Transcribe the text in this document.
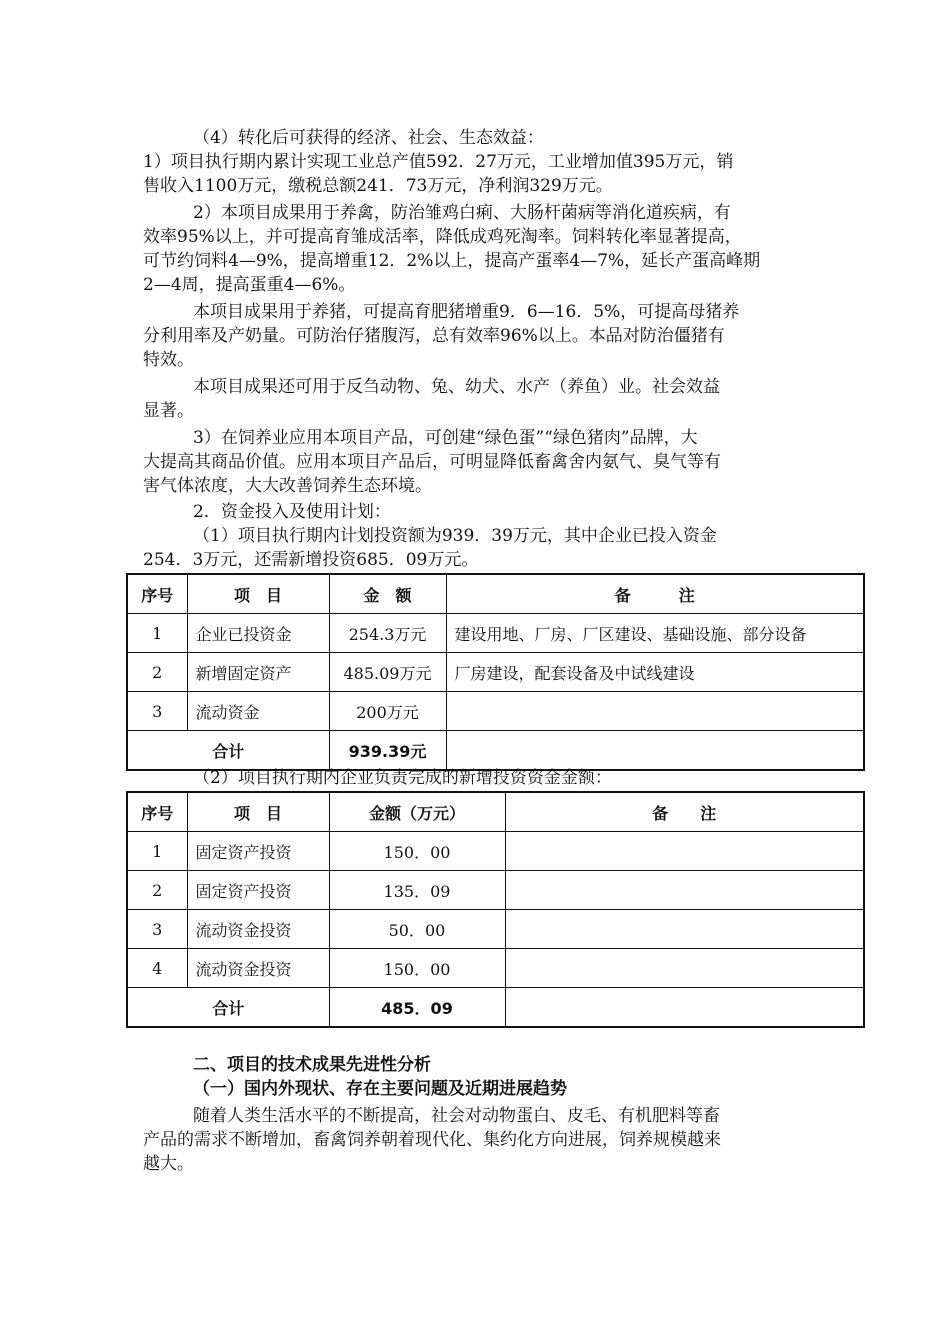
（4）转化后可获得的经济、社会、生态效益：
1）项目执行期内累计实现工业总产值592．27万元，工业增加值395万元，销
售收入1100万元，缴税总额241．73万元，净利润329万元。
2）本项目成果用于养禽，防治雏鸡白痢、大肠杆菌病等消化道疾病，有
效率95%以上，并可提高育雏成活率，降低成鸡死淘率。饲料转化率显著提高，
可节约饲料4—9%，提高增重12．2%以上，提高产蛋率4—7%，延长产蛋高峰期
2—4周，提高蛋重4—6%。
本项目成果用于养猪，可提高育肥猪增重9．6—16．5%，可提高母猪养
分利用率及产奶量。可防治仔猪腹泻，总有效率96%以上。本品对防治僵猪有
特效。
本项目成果还可用于反刍动物、兔、幼犬、水产（养鱼）业。社会效益
显著。
3）在饲养业应用本项目产品，可创建“绿色蛋”“绿色猪肉”品牌，大
大提高其商品价值。应用本项目产品后，可明显降低畜禽舍内氨气、臭气等有
害气体浓度，大大改善饲养生态环境。
2．资金投入及使用计划：
（1）项目执行期内计划投资额为939．39万元，其中企业已投入资金
254．3万元，还需新增投资685．09万元。
序号	项　目	金　额	备　　　注
1	企业已投资金	254.3万元	建设用地、厂房、厂区建设、基础设施、部分设备
2	新增固定资产	485.09万元	厂房建设，配套设备及中试线建设
3	流动资金	200万元	
合计		939.39元	
（2）项目执行期内企业负责完成的新增投资资金金额：
序号	项　目	金额（万元）	备　　注
1	固定资产投资	150．00	
2	固定资产投资	135．09	
3	流动资金投资	50．00	
4	流动资金投资	150．00	
合计		485．09	
二、项目的技术成果先进性分析
（一）国内外现状、存在主要问题及近期进展趋势
随着人类生活水平的不断提高，社会对动物蛋白、皮毛、有机肥料等畜
产品的需求不断增加，畜禽饲养朝着现代化、集约化方向进展，饲养规模越来
越大。
